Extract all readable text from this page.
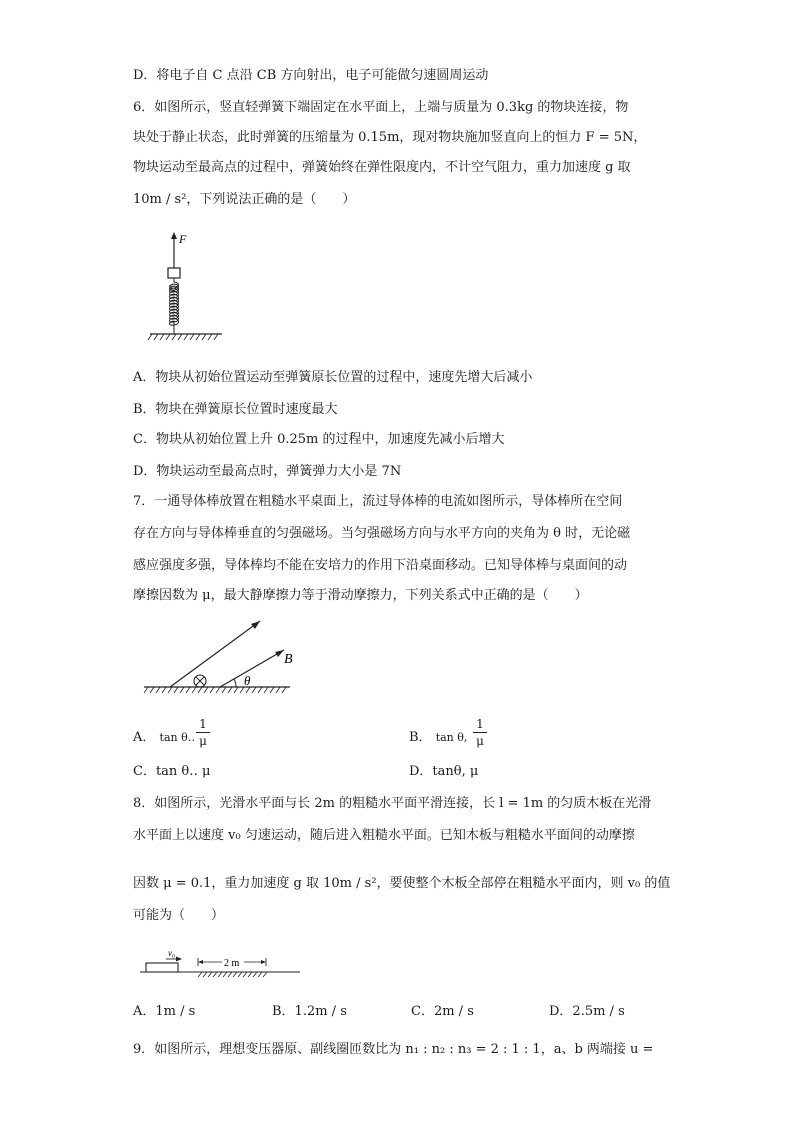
D．将电子自 C 点沿 CB 方向射出，电子可能做匀速圆周运动
6．如图所示，竖直轻弹簧下端固定在水平面上，上端与质量为 0.3kg 的物块连接，物
块处于静止状态，此时弹簧的压缩量为 0.15m，现对物块施加竖直向上的恒力 F = 5N，
物块运动至最高点的过程中，弹簧始终在弹性限度内，不计空气阻力，重力加速度 g 取
10m / s²，下列说法正确的是（　　）
F
A．物块从初始位置运动至弹簧原长位置的过程中，速度先增大后减小
B．物块在弹簧原长位置时速度最大
C．物块从初始位置上升 0.25m 的过程中，加速度先减小后增大
D．物块运动至最高点时，弹簧弹力大小是 7N
7．一通导体棒放置在粗糙水平桌面上，流过导体棒的电流如图所示，导体棒所在空间
存在方向与导体棒垂直的匀强磁场。当匀强磁场方向与水平方向的夹角为 θ 时，无论磁
感应强度多强，导体棒均不能在安培力的作用下沿桌面移动。已知导体棒与桌面间的动
摩擦因数为 μ，最大静摩擦力等于滑动摩擦力，下列关系式中正确的是（　　）
B
θ
A． tan θ‥ $\frac{1}{\mu}$	B． tan θ, $\frac{1}{\mu}$
C．tan θ‥ μ	D．tanθ, μ
8．如图所示，光滑水平面与长 2m 的粗糙水平面平滑连接，长 l = 1m 的匀质木板在光滑
水平面上以速度 v₀ 匀速运动，随后进入粗糙水平面。已知木板与粗糙水平面间的动摩擦
因数 μ = 0.1，重力加速度 g 取 10m / s²，要使整个木板全部停在粗糙水平面内，则 v₀ 的值
可能为（　　）
v₀
2 m
A．1m / s	B．1.2m / s	C．2m / s	D．2.5m / s
9．如图所示，理想变压器原、副线圈匝数比为 n₁ : n₂ : n₃ = 2 : 1 : 1，a、b 两端接 u =
